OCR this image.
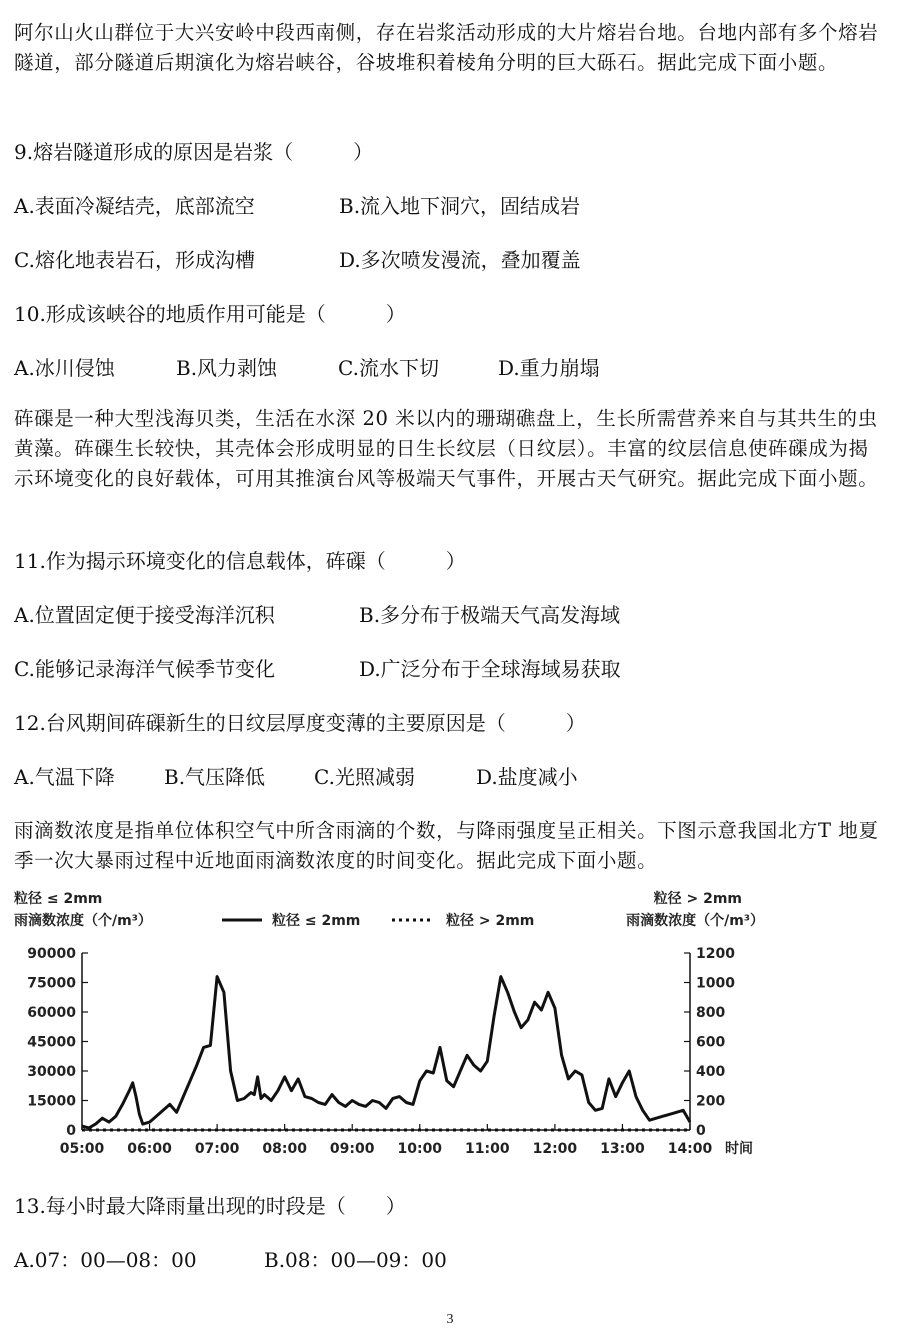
阿尔山火山群位于大兴安岭中段西南侧，存在岩浆活动形成的大片熔岩台地。台地内部有多个熔岩隧道，部分隧道后期演化为熔岩峡谷，谷坡堆积着棱角分明的巨大砾石。据此完成下面小题。

9.熔岩隧道形成的原因是岩浆（　　　）

A.表面冷凝结壳，底部流空	B.流入地下洞穴，固结成岩
C.熔化地表岩石，形成沟槽	D.多次喷发漫流，叠加覆盖

10.形成该峡谷的地质作用可能是（　　　）

A.冰川侵蚀	B.风力剥蚀	C.流水下切	D.重力崩塌

砗磲是一种大型浅海贝类，生活在水深 20 米以内的珊瑚礁盘上，生长所需营养来自与其共生的虫黄藻。砗磲生长较快，其壳体会形成明显的日生长纹层（日纹层）。丰富的纹层信息使砗磲成为揭示环境变化的良好载体，可用其推演台风等极端天气事件，开展古天气研究。据此完成下面小题。

11.作为揭示环境变化的信息载体，砗磲（　　　）

A.位置固定便于接受海洋沉积	B.多分布于极端天气高发海域
C.能够记录海洋气候季节变化	D.广泛分布于全球海域易获取

12.台风期间砗磲新生的日纹层厚度变薄的主要原因是（　　　）

A.气温下降 B.气压降低 C.光照减弱	D.盐度减小

雨滴数浓度是指单位体积空气中所含雨滴的个数，与降雨强度呈正相关。下图示意我国北方T 地夏季一次大暴雨过程中近地面雨滴数浓度的时间变化。据此完成下面小题。

粒径 ≤ 2mm
雨滴数浓度（个/m³）
粒径 > 2mm
雨滴数浓度（个/m³）
粒径 ≤ 2mm	粒径 > 2mm
0
15000
30000
45000
60000
75000
90000
0
200
400
600
800
1000
1200
05:00 06:00 07:00 08:00 09:00 10:00 11:00 12:00 13:00 14:00 时间

13.每小时最大降雨量出现的时段是（　　）

A.07：00—08：00	B.08：00—09：00
3
